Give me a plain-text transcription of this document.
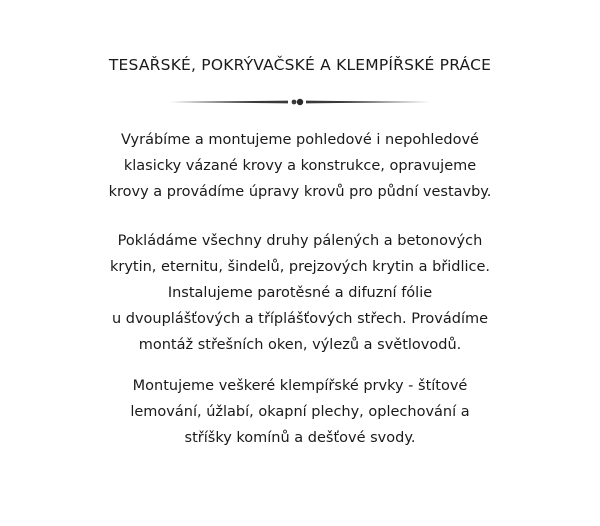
TESAŘSKÉ, POKRÝVAČSKÉ A KLEMPÍŘSKÉ PRÁCE
Vyrábíme a montujeme pohledové i nepohledové
klasicky vázané krovy a konstrukce, opravujeme
krovy a provádíme úpravy krovů pro půdní vestavby.
Pokládáme všechny druhy pálených a betonových
krytin, eternitu, šindelů, prejzových krytin a břidlice.
Instalujeme parotěsné a difuzní fólie
u dvouplášťových a tříplášťových střech. Provádíme
montáž střešních oken, výlezů a světlovodů.
Montujeme veškeré klempířské prvky - štítové
lemování, úžlabí, okapní plechy, oplechování a
stříšky komínů a dešťové svody.
